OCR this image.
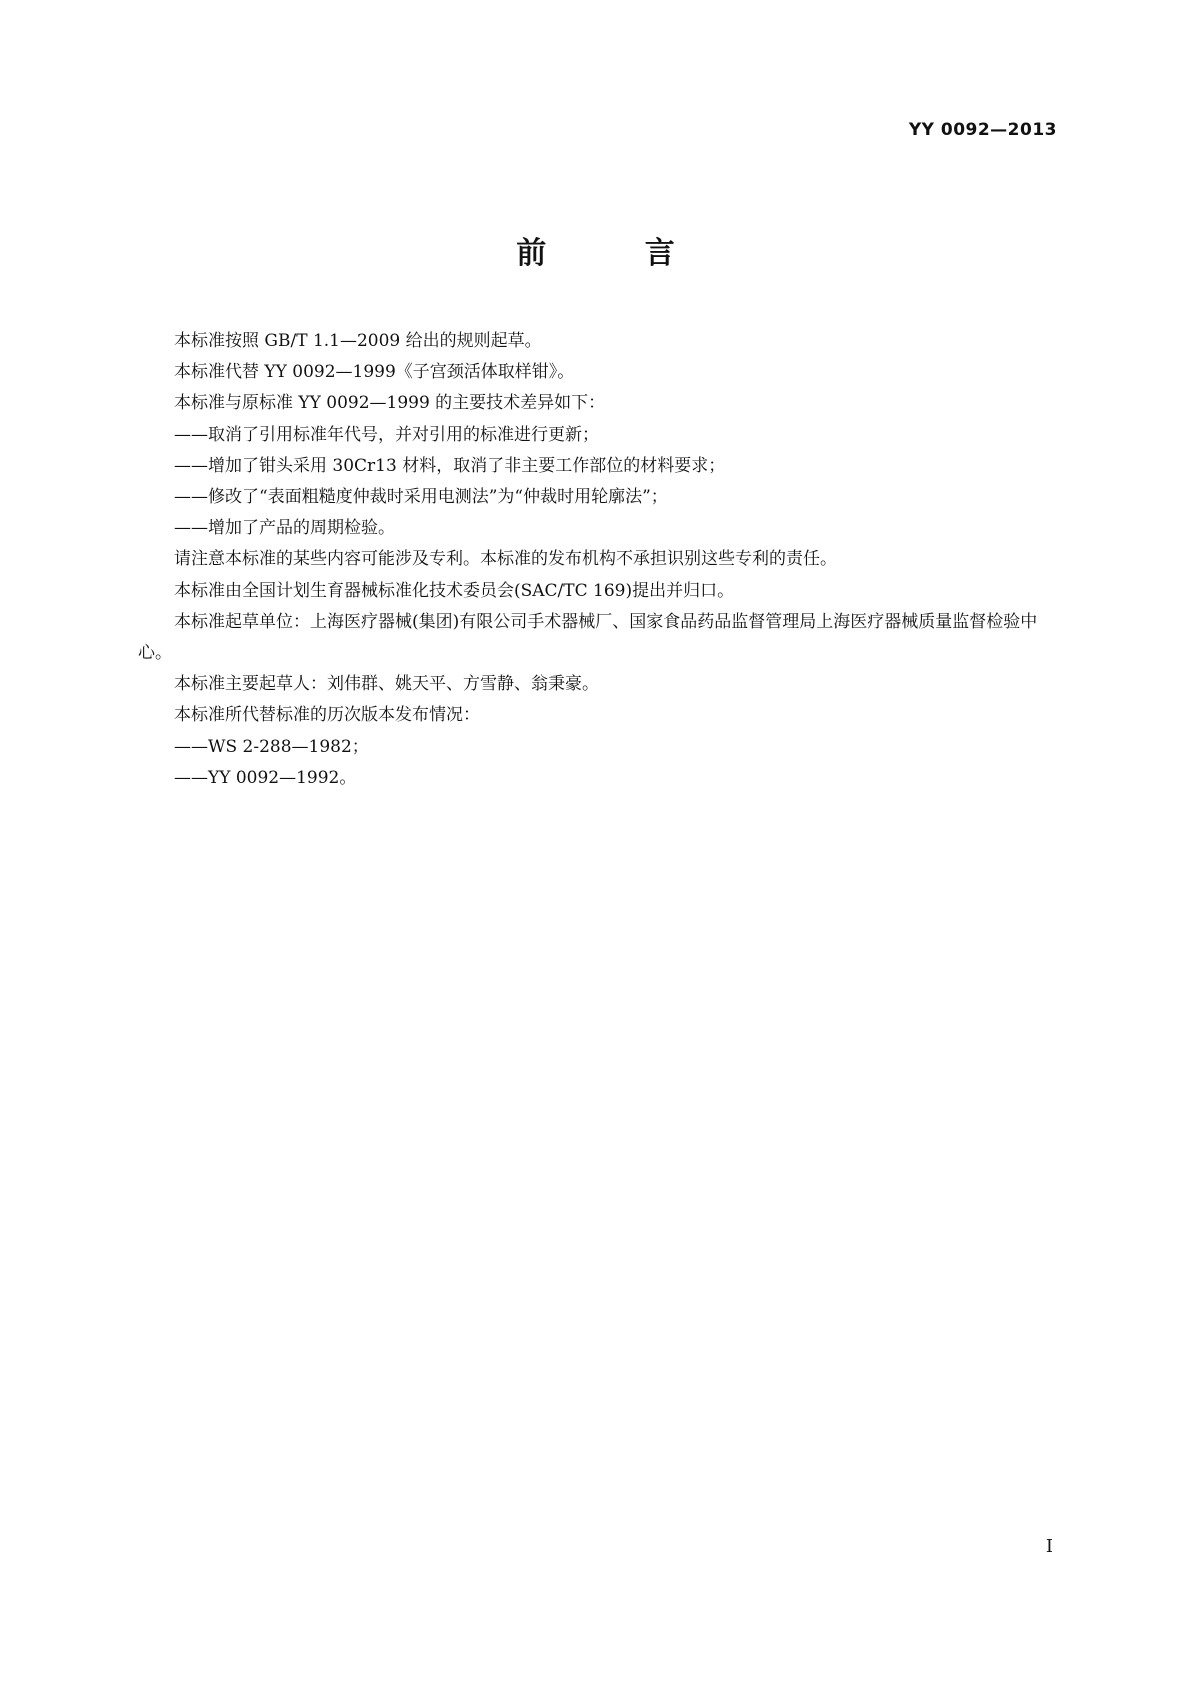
YY 0092—2013
前 言

本标准按照 GB/T 1.1—2009 给出的规则起草。

本标准代替 YY 0092—1999《子宫颈活体取样钳》。

本标准与原标准 YY 0092—1999 的主要技术差异如下：

——取消了引用标准年代号，并对引用的标准进行更新；

——增加了钳头采用 30Cr13 材料，取消了非主要工作部位的材料要求；

——修改了“表面粗糙度仲裁时采用电测法”为“仲裁时用轮廓法”；

——增加了产品的周期检验。

请注意本标准的某些内容可能涉及专利。本标准的发布机构不承担识别这些专利的责任。

本标准由全国计划生育器械标准化技术委员会(SAC/TC 169)提出并归口。

本标准起草单位：上海医疗器械(集团)有限公司手术器械厂、国家食品药品监督管理局上海医疗器械质量监督检验中心。

本标准主要起草人：刘伟群、姚天平、方雪静、翁秉豪。

本标准所代替标准的历次版本发布情况：

——WS 2-288—1982；

——YY 0092—1992。

I
